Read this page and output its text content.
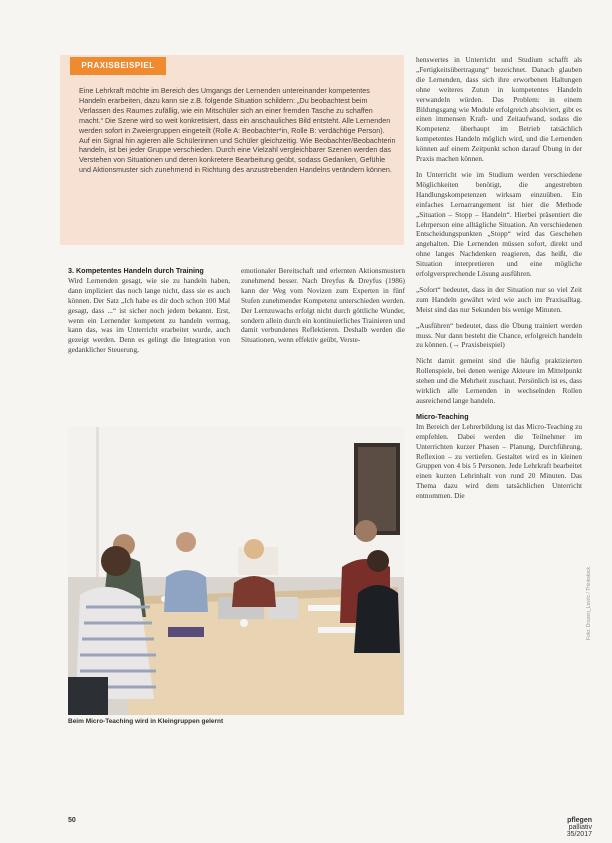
PRAXISBEISPIEL
Eine Lehrkraft möchte im Bereich des Umgangs der Lernenden untereinander kompetentes Handeln erarbeiten, dazu kann sie z.B. folgende Situation schildern: „Du beobachtest beim Verlassen des Raumes zufällig, wie ein Mitschüler sich an einer fremden Tasche zu schaffen macht.“ Die Szene wird so weit konkretisiert, dass ein anschauliches Bild entsteht. Alle Lernenden werden sofort in Zweiergruppen eingeteilt (Rolle A: Beobachter*in, Rolle B: verdächtige Person). Auf ein Signal hin agieren alle Schülerinnen und Schüler gleichzeitig. Wie Beobachter/Beobachterin handeln, ist bei jeder Gruppe verschieden. Durch eine Vielzahl vergleichbarer Szenen werden das Verstehen von Situationen und deren konkretere Bearbeitung geübt, sodass Gedanken, Gefühle und Aktionsmuster sich zunehmend in Richtung des anzustrebenden Handelns verändern können.
3. Kompetentes Handeln durch Training

Wird Lernenden gesagt, wie sie zu handeln haben, dann impliziert das noch lange nicht, dass sie es auch können. Der Satz „Ich habe es dir doch schon 100 Mal gesagt, dass ...“ ist sicher noch jedem bekannt. Erst, wenn ein Lernender kompetent zu handeln vermag, kann das, was im Unterricht erarbeitet wurde, auch gezeigt werden. Denn es gelingt die Integration von gedanklicher Steuerung,

emotionaler Bereitschaft und erlernten Aktionsmustern zunehmend besser. Nach Dreyfus & Dreyfus (1986) kann der Weg vom Novizen zum Experten in fünf Stufen zunehmender Kompetenz unterschieden werden. Der Lernzuwachs erfolgt nicht durch göttliche Wunder, sondern allein durch ein kontinuierliches Trainieren und damit verbundenes Reflektieren. Deshalb werden die Situationen, wenn effektiv geübt, Verste-

henswertes in Unterricht und Studium schafft als „Fertigkeitsübertragung“ bezeichnet. Danach glauben die Lernenden, dass sich ihre erworbenen Haltungen ohne weiteres Zutun in kompetentes Handeln verwandeln würden. Das Problem: in einem Bildungsgang wie Module erfolgreich absolviert, gibt es einen immensen Kraft- und Zeitaufwand, sodass die Kompetenz überhaupt im Betrieb tatsächlich kompetentes Handeln möglich wird, und die Lernenden können auf einem Zeitpunkt schon darauf Übung in der Praxis machen können.

In Unterricht wie im Studium werden verschiedene Möglichkeiten benötigt, die angestrebten Handlungskompetenzen wirksam einzuüben. Ein einfaches Lernarrangement ist hier die Methode „Situation – Stopp – Handeln“. Hierbei präsentiert die Lehrperson eine alltägliche Situation. An verschiedenen Entscheidungspunkten „Stopp“ wird das Geschehen angehalten. Die Lernenden müssen sofort, direkt und ohne langes Nachdenken reagieren, das heißt, die Situation interpretieren und eine mögliche erfolgversprechende Lösung ausführen.

„Sofort“ bedeutet, dass in der Situation nur so viel Zeit zum Handeln gewährt wird wie auch im Praxisalltag. Meist sind das nur Sekunden bis wenige Minuten.

„Ausführen“ bedeutet, dass die Übung trainiert werden muss. Nur dann besteht die Chance, erfolgreich handeln zu können. (→ Praxisbeispiel)

Nicht damit gemeint sind die häufig praktizierten Rollenspiele, bei denen wenige Akteure im Mittelpunkt stehen und die Mehrheit zuschaut. Persönlich ist es, dass wirklich alle Lernenden in wechselnden Rollen ausreichend lange handeln.

Micro-Teaching

Im Bereich der Lehrerbildung ist das Micro-Teaching zu empfehlen. Dabei werden die Teilnehmer im Unterrichten kurzer Phasen – Planung, Durchführung, Reflexion – zu vertiefen. Gestaltet wird es in kleinen Gruppen von 4 bis 5 Personen. Jede Lehrkraft bearbeitet einen kurzen Lehrinhalt von rund 20 Minuten. Das Thema dazu wird dem tatsächlichen Unterricht entnommen. Die

Beim Micro-Teaching wird in Kleingruppen gelernt
50	pflegen palliativ 35/2017
Foto: Drazen_Lovric / Thinkstock
